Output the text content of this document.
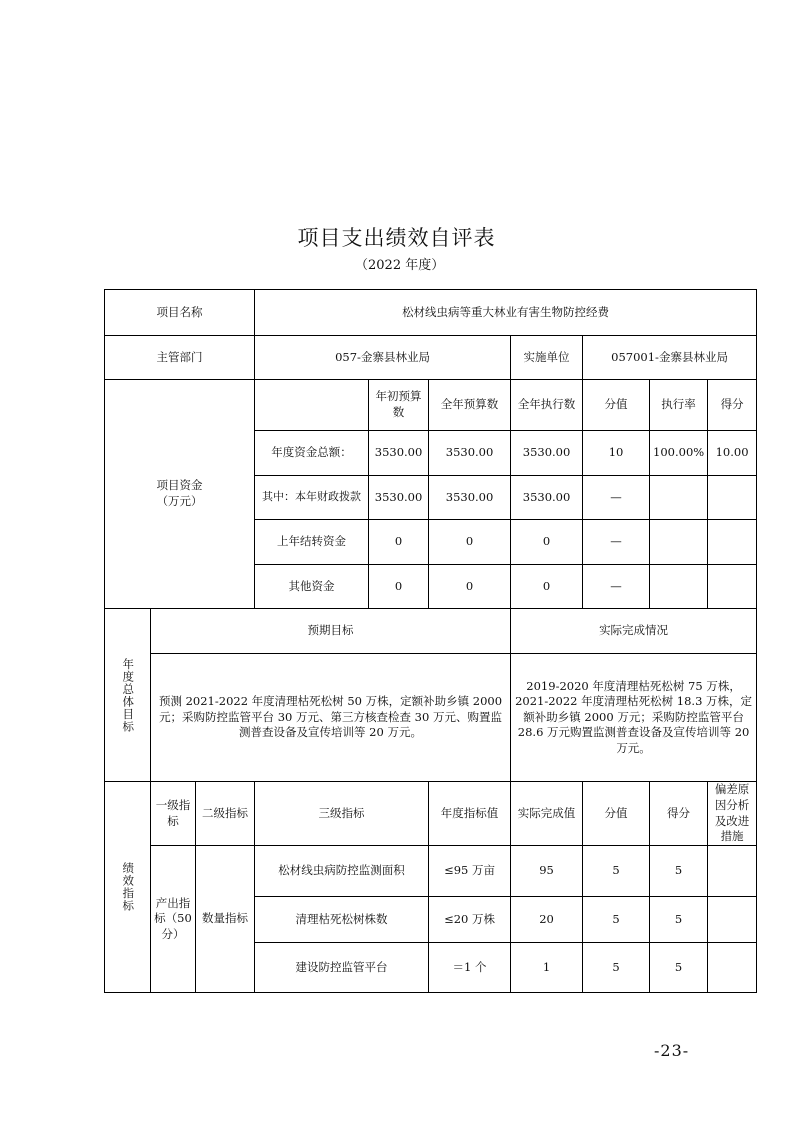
项目支出绩效自评表
（2022 年度）
项目名称			松材线虫病等重大林业有害生物防控经费						
主管部门			057-金寨县林业局			实施单位	057001-金寨县林业局		

项目资金
（万元）				年初预算数	全年预算数	全年执行数	分值	执行率	得分
			年度资金总额：	3530.00	3530.00	3530.00	10	100.00%	10.00
			其中：本年财政拨款	3530.00	3530.00	3530.00	—		
			上年结转资金	0	0	0	—		
			其他资金	0	0	0	—		
年度总体目标	预期目标					实际完成情况			
	预测 2021-2022 年度清理枯死松树 50 万株，定额补助乡镇 2000 元；采购防控监管平台 30 万元、第三方核查检查 30 万元、购置监测普查设备及宣传培训等 20 万元。					2019-2020 年度清理枯死松树 75 万株，2021-2022 年度清理枯死松树 18.3 万株，定额补助乡镇 2000 万元；采购防控监管平台 28.6 万元购置监测普查设备及宣传培训等 20 万元。			
绩效指标	一级指标	二级指标	三级指标		年度指标值	实际完成值	分值	得分	偏差原因分析及改进措施
	产出指标（50分）	数量指标	松材线虫病防控监测面积		≤95 万亩	95	5	5	
			清理枯死松树株数		≤20 万株	20	5	5	
			建设防控监管平台		＝1 个	1	5	5	
-23-
